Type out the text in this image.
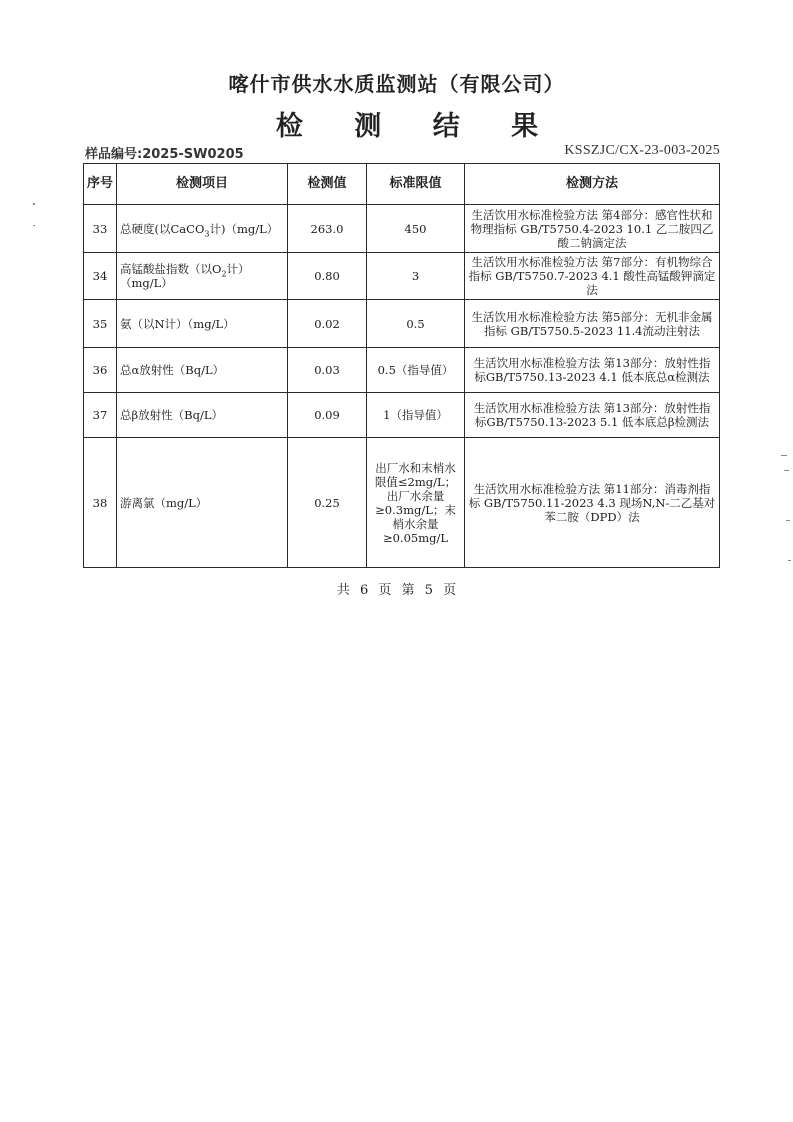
喀什市供水水质监测站（有限公司）
检 测 结 果
样品编号:2025-SW0205	KSSZJC/CX-23-003-2025
序号	检测项目	检测值	标准限值	检测方法
33	总硬度(以CaCO$_3$计)（mg/L）	263.0	450	生活饮用水标准检验方法 第4部分：感官性状和物理指标 GB/T5750.4-2023 10.1 乙二胺四乙酸二钠滴定法
34	高锰酸盐指数（以$O_2$计）（mg/L）	0.80	3	生活饮用水标准检验方法 第7部分：有机物综合指标 GB/T5750.7-2023 4.1 酸性高锰酸钾滴定法
35	氨（以N计）（mg/L）	0.02	0.5	生活饮用水标准检验方法 第5部分：无机非金属指标 GB/T5750.5-2023 11.4流动注射法
36	总α放射性（Bq/L）	0.03	0.5（指导值）	生活饮用水标准检验方法 第13部分：放射性指标GB/T5750.13-2023 4.1 低本底总α检测法
37	总β放射性（Bq/L）	0.09	1（指导值）	生活饮用水标准检验方法 第13部分：放射性指标GB/T5750.13-2023 5.1 低本底总β检测法
38	游离氯（mg/L）	0.25	出厂水和末梢水限值≤2mg/L；出厂水余量≥0.3mg/L；末梢水余量≥0.05mg/L	生活饮用水标准检验方法 第11部分：消毒剂指标 GB/T5750.11-2023 4.3 现场N,N-二乙基对苯二胺（DPD）法
共 6 页 第 5 页
